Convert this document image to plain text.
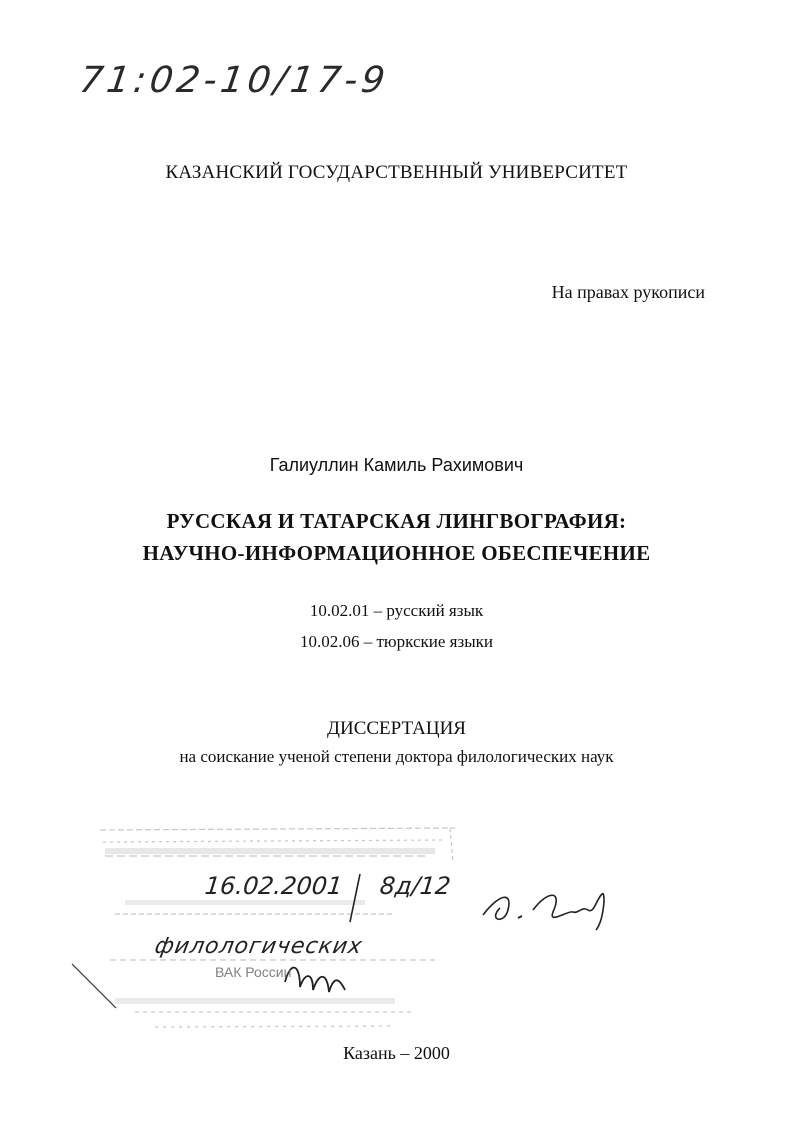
71:02-10/17-9
КАЗАНСКИЙ ГОСУДАРСТВЕННЫЙ УНИВЕРСИТЕТ
На правах рукописи
Галиуллин Камиль Рахимович
РУССКАЯ И ТАТАРСКАЯ ЛИНГВОГРАФИЯ:
НАУЧНО-ИНФОРМАЦИОННОЕ ОБЕСПЕЧЕНИЕ
10.02.01 – русский язык
10.02.06 – тюркские языки
ДИССЕРТАЦИЯ
на соискание ученой степени доктора филологических наук
16.02.2001 8д/12
филологических
ВАК России
Казань – 2000
